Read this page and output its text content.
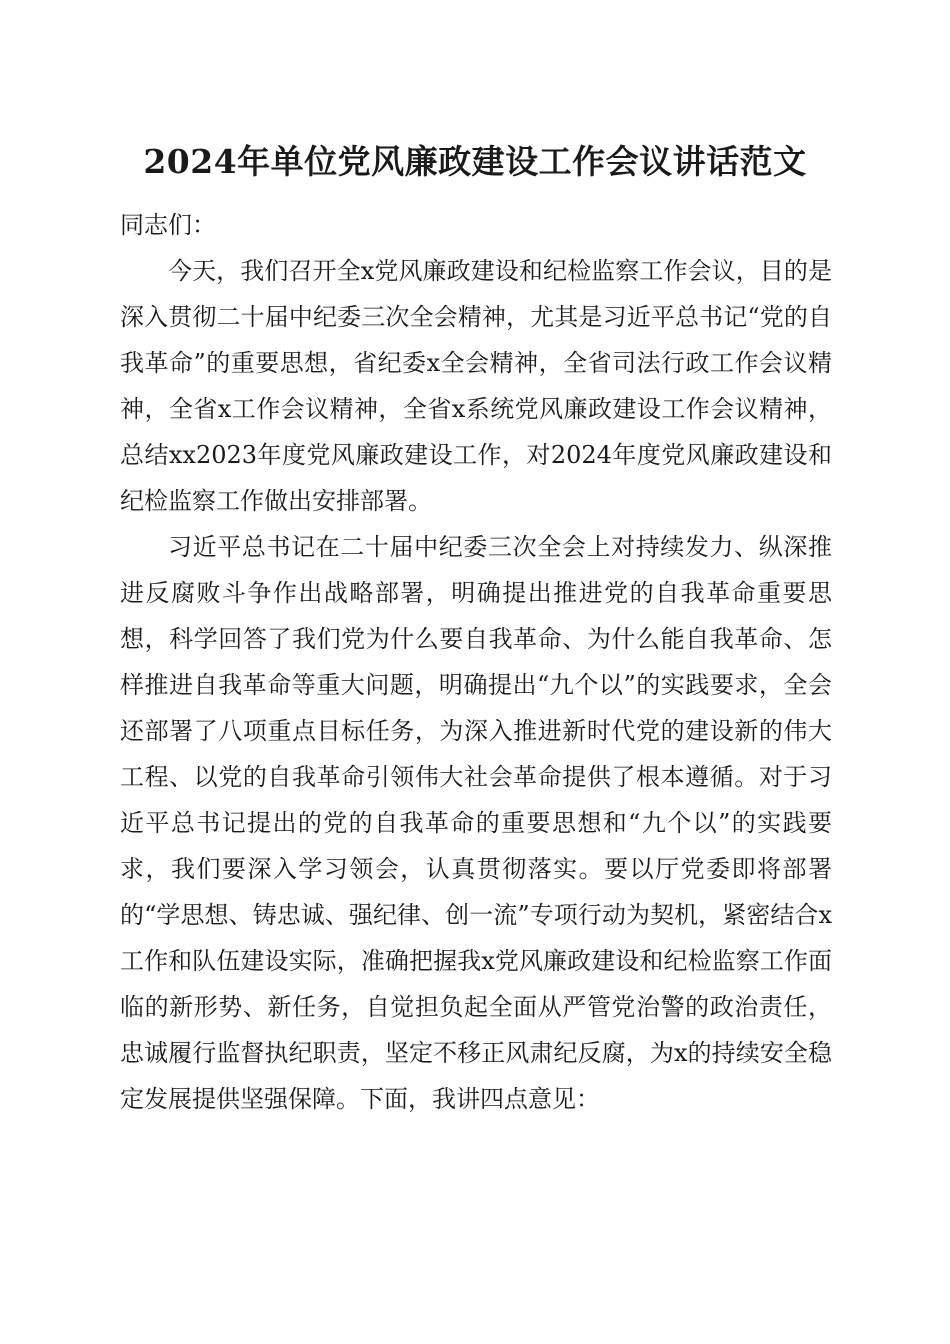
2024年单位党风廉政建设工作会议讲话范文

同志们：

今天，我们召开全x党风廉政建设和纪检监察工作会议，目的是深入贯彻二十届中纪委三次全会精神，尤其是习近平总书记“党的自我革命”的重要思想，省纪委x全会精神，全省司法行政工作会议精神，全省x工作会议精神，全省x系统党风廉政建设工作会议精神，总结xx2023年度党风廉政建设工作，对2024年度党风廉政建设和纪检监察工作做出安排部署。

习近平总书记在二十届中纪委三次全会上对持续发力、纵深推进反腐败斗争作出战略部署，明确提出推进党的自我革命重要思想，科学回答了我们党为什么要自我革命、为什么能自我革命、怎样推进自我革命等重大问题，明确提出“九个以”的实践要求，全会还部署了八项重点目标任务，为深入推进新时代党的建设新的伟大工程、以党的自我革命引领伟大社会革命提供了根本遵循。对于习近平总书记提出的党的自我革命的重要思想和“九个以”的实践要求，我们要深入学习领会，认真贯彻落实。要以厅党委即将部署的“学思想、铸忠诚、强纪律、创一流”专项行动为契机，紧密结合x工作和队伍建设实际，准确把握我x党风廉政建设和纪检监察工作面临的新形势、新任务，自觉担负起全面从严管党治警的政治责任，忠诚履行监督执纪职责，坚定不移正风肃纪反腐，为x的持续安全稳定发展提供坚强保障。下面，我讲四点意见：
